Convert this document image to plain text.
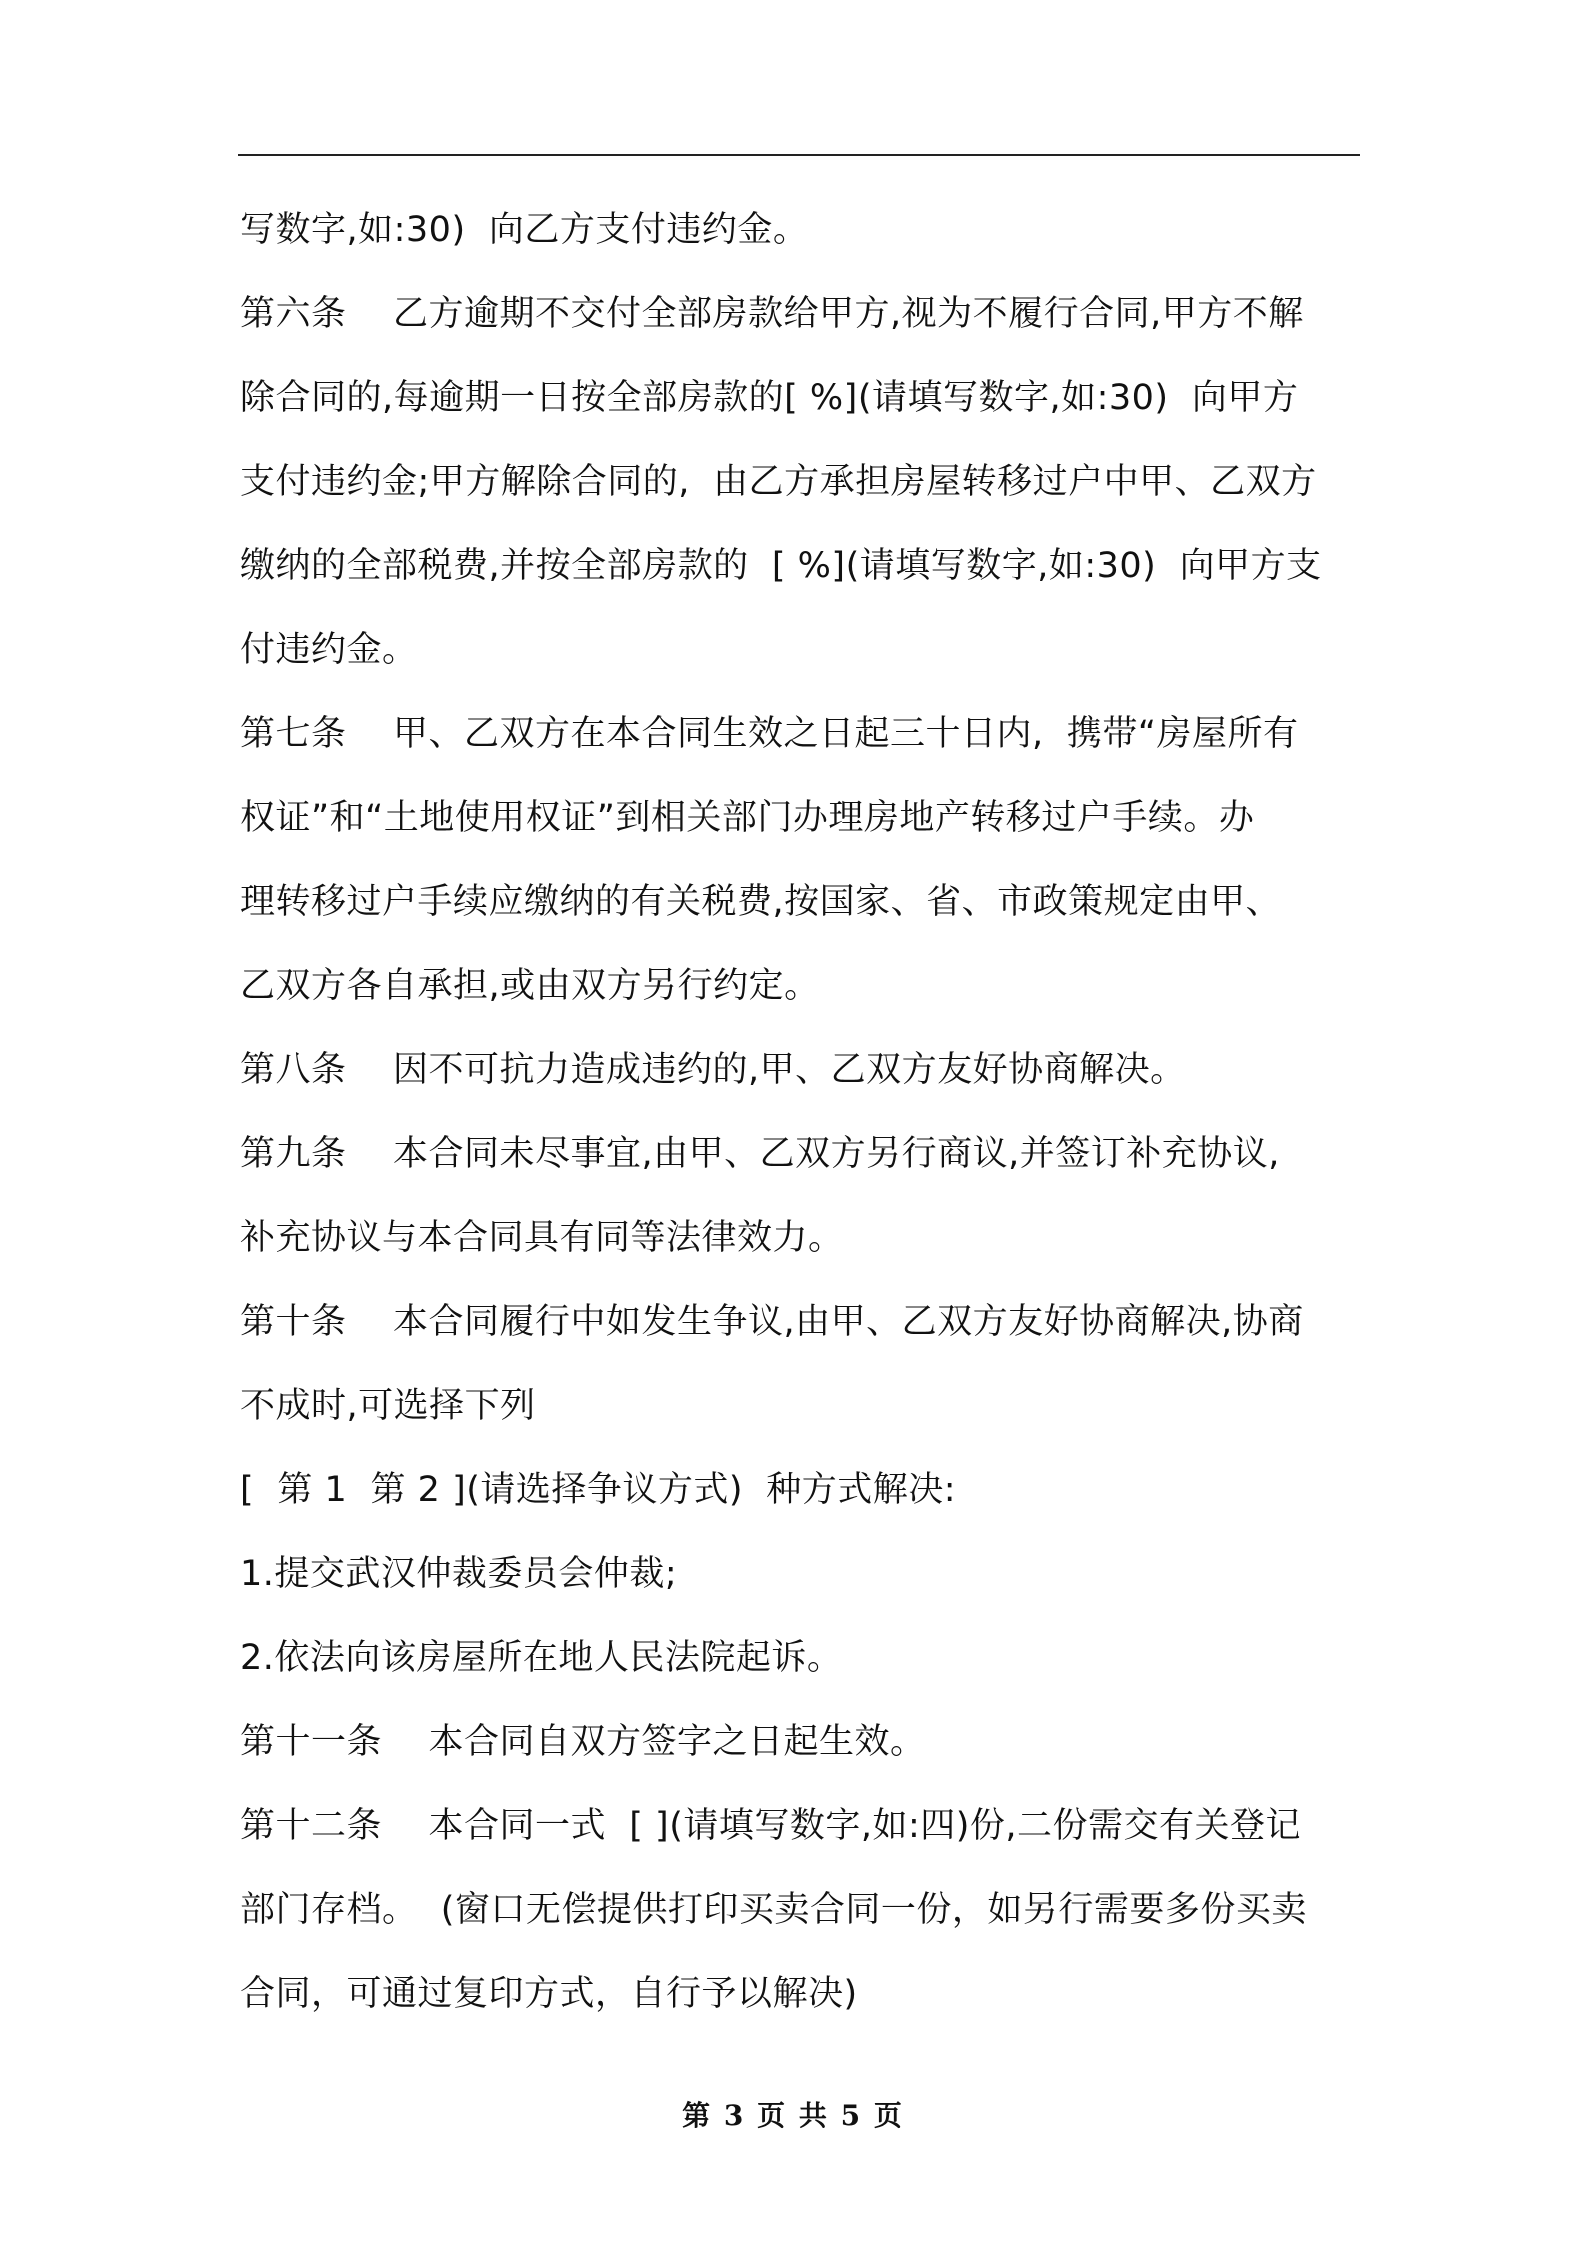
写数字,如:30)  向乙方支付违约金。
第六条    乙方逾期不交付全部房款给甲方,视为不履行合同,甲方不解
除合同的,每逾期一日按全部房款的[ %](请填写数字,如:30)  向甲方
支付违约金;甲方解除合同的,  由乙方承担房屋转移过户中甲、乙双方
缴纳的全部税费,并按全部房款的  [ %](请填写数字,如:30)  向甲方支
付违约金。
第七条    甲、乙双方在本合同生效之日起三十日内,  携带“房屋所有
权证”和“土地使用权证”到相关部门办理房地产转移过户手续。办
理转移过户手续应缴纳的有关税费,按国家、省、市政策规定由甲、
乙双方各自承担,或由双方另行约定。
第八条    因不可抗力造成违约的,甲、乙双方友好协商解决。
第九条    本合同未尽事宜,由甲、乙双方另行商议,并签订补充协议,
补充协议与本合同具有同等法律效力。
第十条    本合同履行中如发生争议,由甲、乙双方友好协商解决,协商
不成时,可选择下列
[  第 1  第 2 ](请选择争议方式)  种方式解决:
1.提交武汉仲裁委员会仲裁;
2.依法向该房屋所在地人民法院起诉。
第十一条    本合同自双方签字之日起生效。
第十二条    本合同一式  [ ](请填写数字,如:四)份,二份需交有关登记
部门存档。  (窗口无偿提供打印买卖合同一份，如另行需要多份买卖
合同，可通过复印方式，自行予以解决)
第 3 页 共 5 页
